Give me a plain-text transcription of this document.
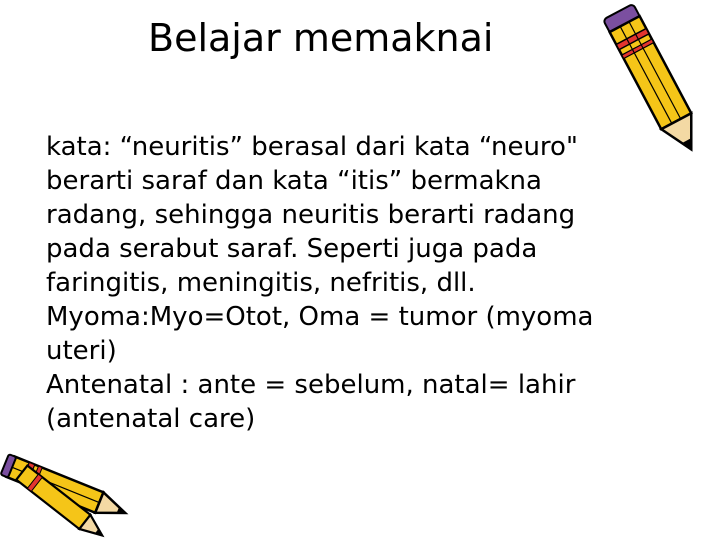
Belajar memaknai

kata: “neuritis” berasal dari kata “neuro"
berarti saraf dan kata “itis” bermakna
radang, sehingga neuritis berarti radang
pada serabut saraf. Seperti juga pada
faringitis, meningitis, nefritis, dll.

Myoma:Myo=Otot, Oma = tumor (myoma
uteri)

Antenatal : ante = sebelum, natal= lahir
(antenatal care)
